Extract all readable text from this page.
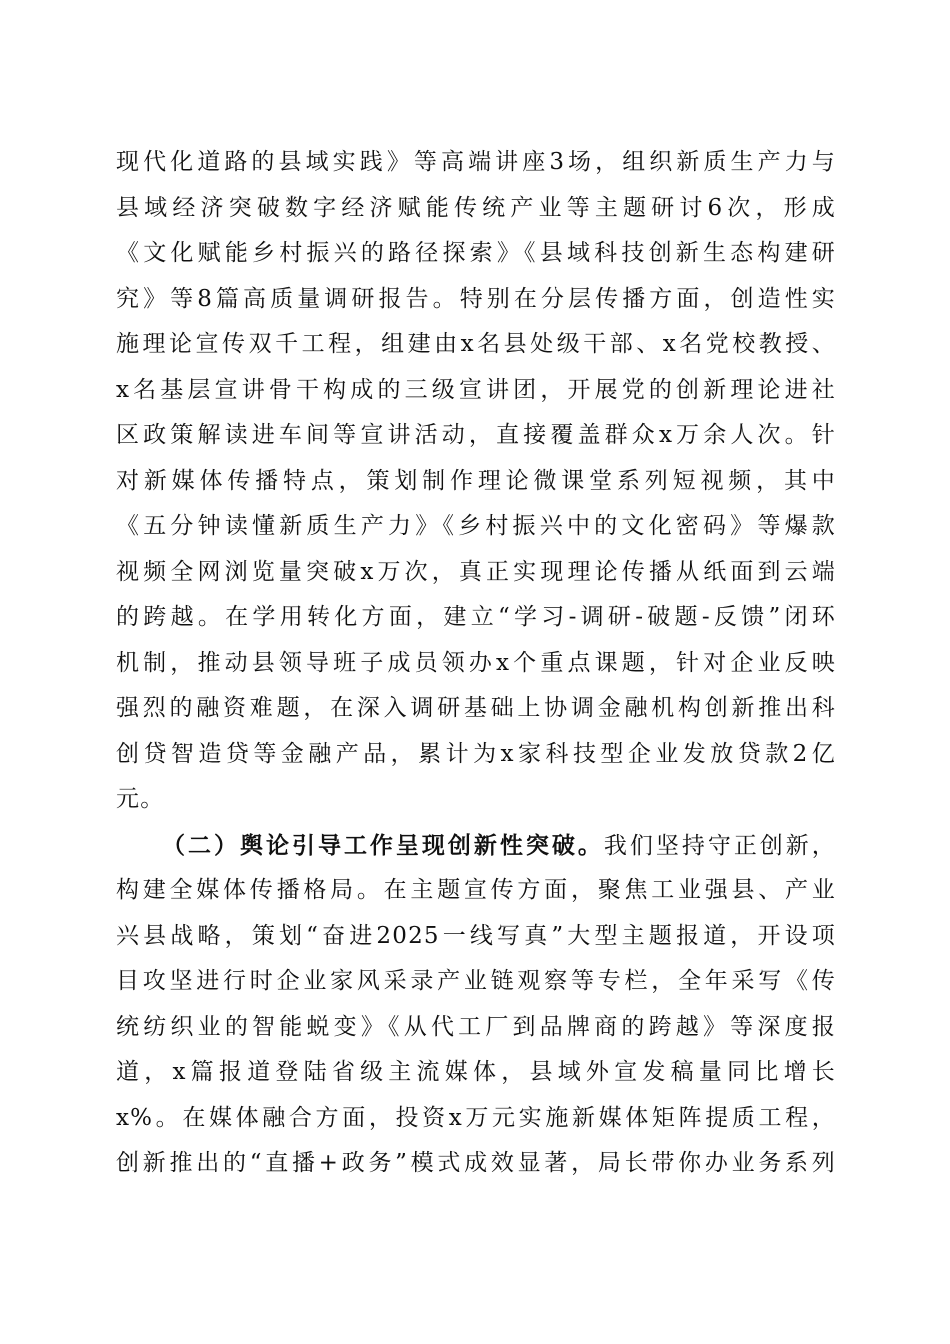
现代化道路的县域实践》等高端讲座3场，组织新质生产力与
县域经济突破数字经济赋能传统产业等主题研讨6次，形成
《文化赋能乡村振兴的路径探索》《县域科技创新生态构建研
究》等8篇高质量调研报告。特别在分层传播方面，创造性实
施理论宣传双千工程，组建由x名县处级干部、x名党校教授、
x名基层宣讲骨干构成的三级宣讲团，开展党的创新理论进社
区政策解读进车间等宣讲活动，直接覆盖群众x万余人次。针
对新媒体传播特点，策划制作理论微课堂系列短视频，其中
《五分钟读懂新质生产力》《乡村振兴中的文化密码》等爆款
视频全网浏览量突破x万次，真正实现理论传播从纸面到云端
的跨越。在学用转化方面，建立“学习-调研-破题-反馈”闭环
机制，推动县领导班子成员领办x个重点课题，针对企业反映
强烈的融资难题，在深入调研基础上协调金融机构创新推出科
创贷智造贷等金融产品，累计为x家科技型企业发放贷款2亿
元。
（二）舆论引导工作呈现创新性突破。我们坚持守正创新，
构建全媒体传播格局。在主题宣传方面，聚焦工业强县、产业
兴县战略，策划“奋进2025一线写真”大型主题报道，开设项
目攻坚进行时企业家风采录产业链观察等专栏，全年采写《传
统纺织业的智能蜕变》《从代工厂到品牌商的跨越》等深度报
道，x篇报道登陆省级主流媒体，县域外宣发稿量同比增长
x%。在媒体融合方面，投资x万元实施新媒体矩阵提质工程，
创新推出的“直播+政务”模式成效显著，局长带你办业务系列
